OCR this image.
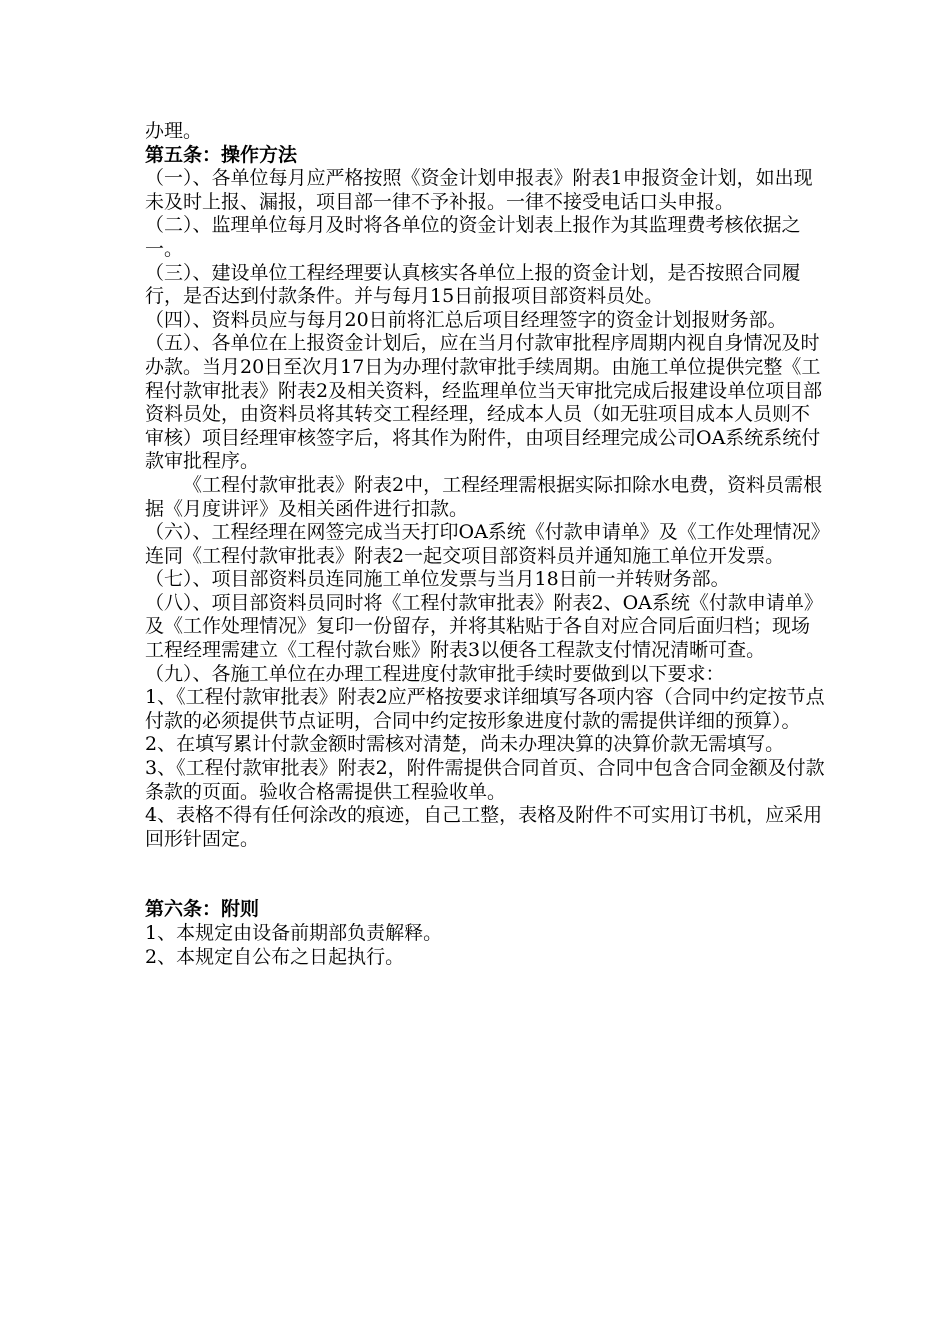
办理。

第五条：操作方法

（一）、各单位每月应严格按照《资金计划申报表》附表1申报资金计划，如出现未及时上报、漏报，项目部一律不予补报。一律不接受电话口头申报。

（二）、监理单位每月及时将各单位的资金计划表上报作为其监理费考核依据之一。

（三）、建设单位工程经理要认真核实各单位上报的资金计划，是否按照合同履行，是否达到付款条件。并与每月15日前报项目部资料员处。

（四）、资料员应与每月20日前将汇总后项目经理签字的资金计划报财务部。

（五）、各单位在上报资金计划后，应在当月付款审批程序周期内视自身情况及时办款。当月20日至次月17日为办理付款审批手续周期。由施工单位提供完整《工程付款审批表》附表2及相关资料，经监理单位当天审批完成后报建设单位项目部资料员处，由资料员将其转交工程经理，经成本人员（如无驻项目成本人员则不审核）项目经理审核签字后，将其作为附件，由项目经理完成公司OA系统系统付款审批程序。

《工程付款审批表》附表2中，工程经理需根据实际扣除水电费，资料员需根据《月度讲评》及相关函件进行扣款。

（六）、工程经理在网签完成当天打印OA系统《付款申请单》及《工作处理情况》连同《工程付款审批表》附表2一起交项目部资料员并通知施工单位开发票。

（七）、项目部资料员连同施工单位发票与当月18日前一并转财务部。

（八）、项目部资料员同时将《工程付款审批表》附表2、OA系统《付款申请单》及《工作处理情况》复印一份留存，并将其粘贴于各自对应合同后面归档；现场工程经理需建立《工程付款台账》附表3以便各工程款支付情况清晰可查。

（九）、各施工单位在办理工程进度付款审批手续时要做到以下要求：

1、《工程付款审批表》附表2应严格按要求详细填写各项内容（合同中约定按节点付款的必须提供节点证明，合同中约定按形象进度付款的需提供详细的预算）。

2、在填写累计付款金额时需核对清楚，尚未办理决算的决算价款无需填写。

3、《工程付款审批表》附表2，附件需提供合同首页、合同中包含合同金额及付款条款的页面。验收合格需提供工程验收单。

4、表格不得有任何涂改的痕迹，自己工整，表格及附件不可实用订书机，应采用回形针固定。

第六条：附则

1、本规定由设备前期部负责解释。

2、本规定自公布之日起执行。
